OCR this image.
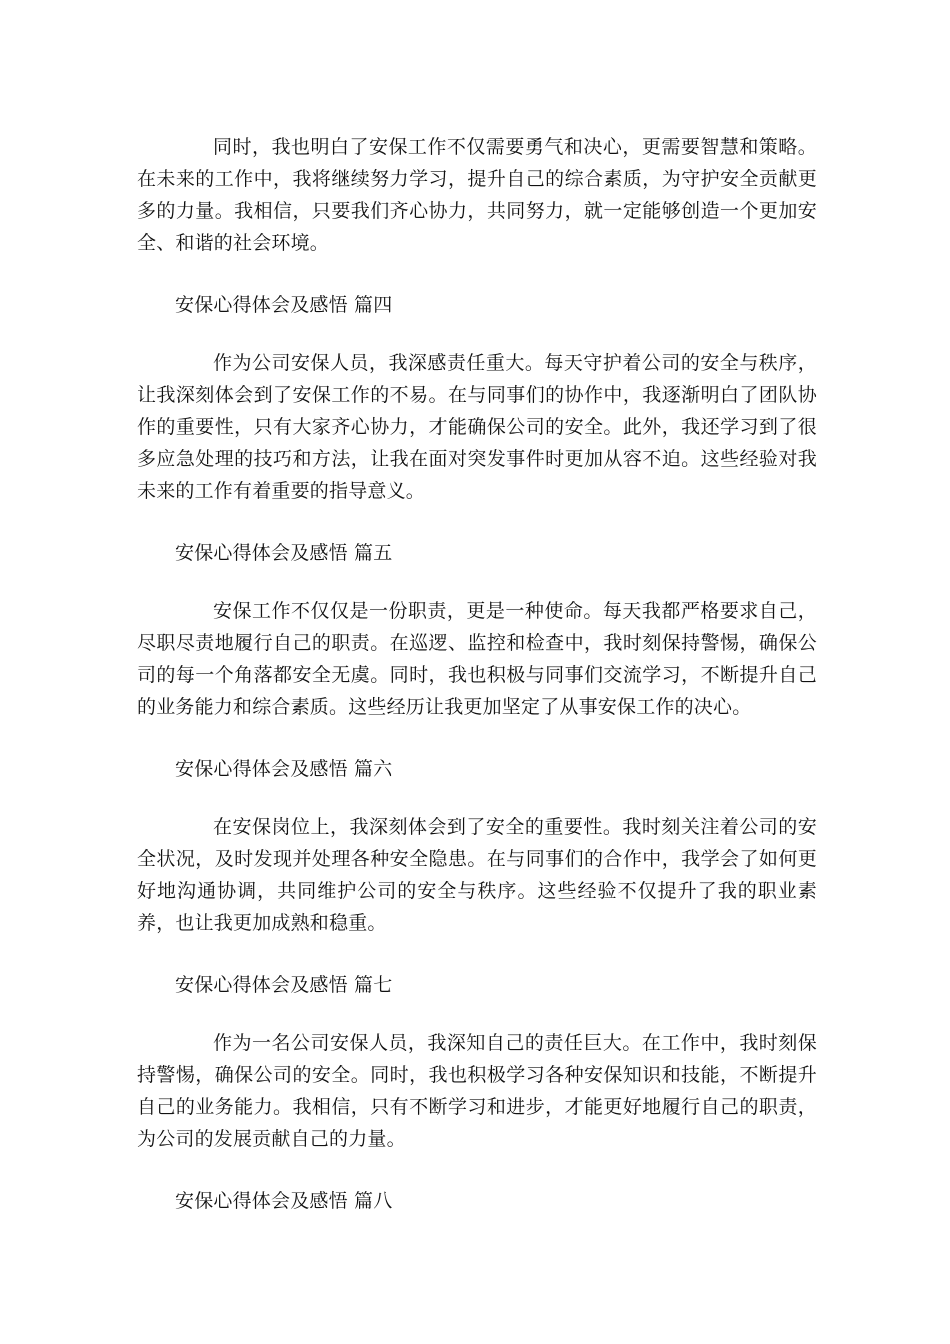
同时，我也明白了安保工作不仅需要勇气和决心，更需要智慧和策略。在未来的工作中，我将继续努力学习，提升自己的综合素质，为守护安全贡献更多的力量。我相信，只要我们齐心协力，共同努力，就一定能够创造一个更加安全、和谐的社会环境。

安保心得体会及感悟 篇四

作为公司安保人员，我深感责任重大。每天守护着公司的安全与秩序，让我深刻体会到了安保工作的不易。在与同事们的协作中，我逐渐明白了团队协作的重要性，只有大家齐心协力，才能确保公司的安全。此外，我还学习到了很多应急处理的技巧和方法，让我在面对突发事件时更加从容不迫。这些经验对我未来的工作有着重要的指导意义。

安保心得体会及感悟 篇五

安保工作不仅仅是一份职责，更是一种使命。每天我都严格要求自己，尽职尽责地履行自己的职责。在巡逻、监控和检查中，我时刻保持警惕，确保公司的每一个角落都安全无虞。同时，我也积极与同事们交流学习，不断提升自己的业务能力和综合素质。这些经历让我更加坚定了从事安保工作的决心。

安保心得体会及感悟 篇六

在安保岗位上，我深刻体会到了安全的重要性。我时刻关注着公司的安全状况，及时发现并处理各种安全隐患。在与同事们的合作中，我学会了如何更好地沟通协调，共同维护公司的安全与秩序。这些经验不仅提升了我的职业素养，也让我更加成熟和稳重。

安保心得体会及感悟 篇七

作为一名公司安保人员，我深知自己的责任巨大。在工作中，我时刻保持警惕，确保公司的安全。同时，我也积极学习各种安保知识和技能，不断提升自己的业务能力。我相信，只有不断学习和进步，才能更好地履行自己的职责，为公司的发展贡献自己的力量。

安保心得体会及感悟 篇八
